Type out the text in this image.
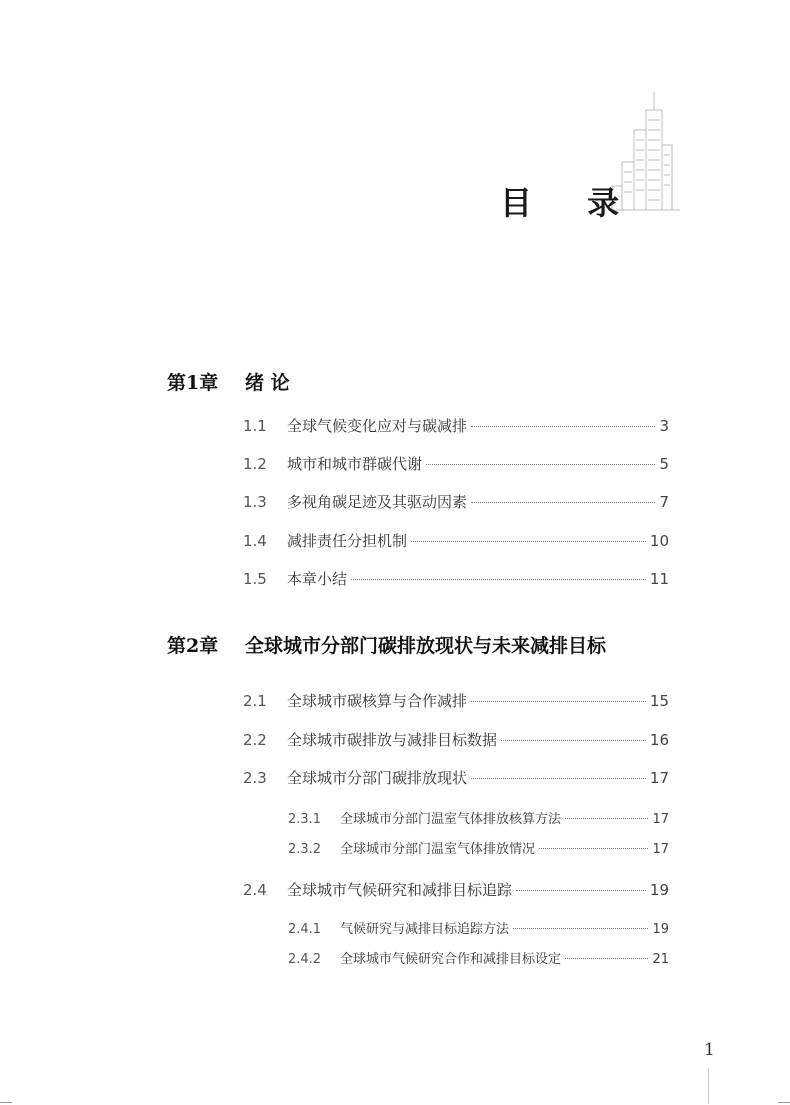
目 录
第1章 绪 论
1.1	全球气候变化应对与碳减排	3
1.2	城市和城市群碳代谢	5
1.3	多视角碳足迹及其驱动因素	7
1.4	减排责任分担机制	10
1.5	本章小结	11
第2章 全球城市分部门碳排放现状与未来减排目标
2.1	全球城市碳核算与合作减排	15
2.2	全球城市碳排放与减排目标数据	16
2.3	全球城市分部门碳排放现状	17
2.3.1	全球城市分部门温室气体排放核算方法	17
2.3.2	全球城市分部门温室气体排放情况	17
2.4	全球城市气候研究和减排目标追踪	19
2.4.1	气候研究与减排目标追踪方法	19
2.4.2	全球城市气候研究合作和减排目标设定	21
1
